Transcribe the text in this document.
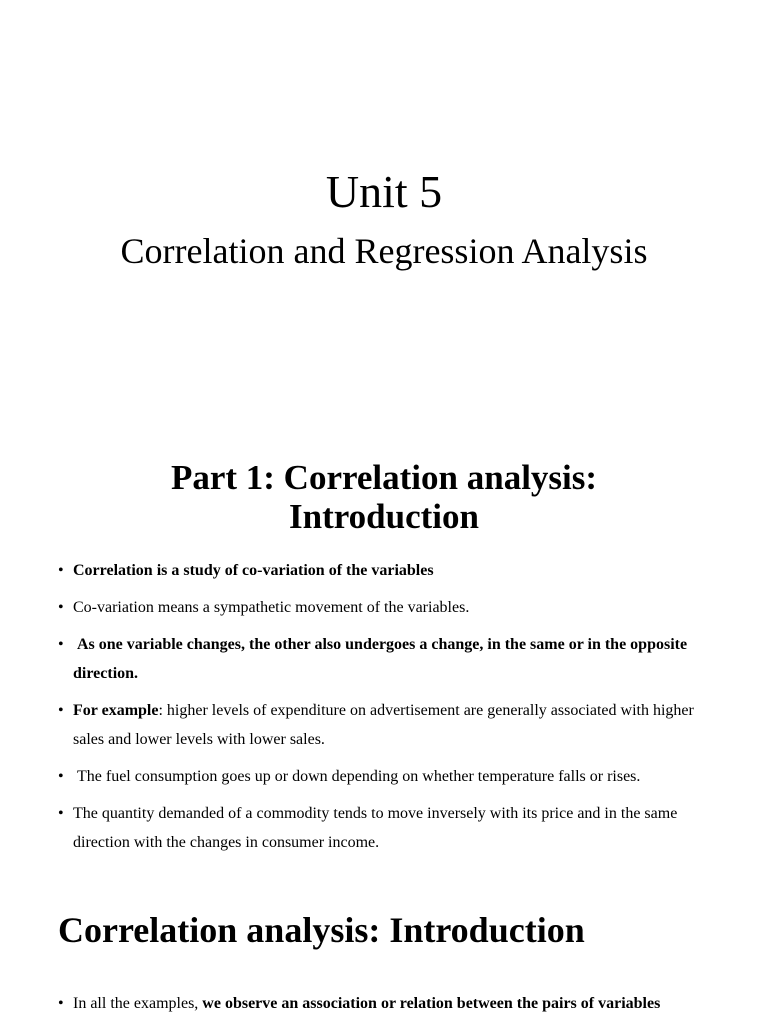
Unit 5
Correlation and Regression Analysis
Part 1: Correlation analysis: Introduction
• Correlation is a study of co-variation of the variables
• Co-variation means a sympathetic movement of the variables.
•  As one variable changes, the other also undergoes a change, in the same or in the opposite direction.
• For example: higher levels of expenditure on advertisement are generally associated with higher sales and lower levels with lower sales.
•  The fuel consumption goes up or down depending on whether temperature falls or rises.
• The quantity demanded of a commodity tends to move inversely with its price and in the same direction with the changes in consumer income.
Correlation analysis: Introduction
• In all the examples, we observe an association or relation between the pairs of variables
